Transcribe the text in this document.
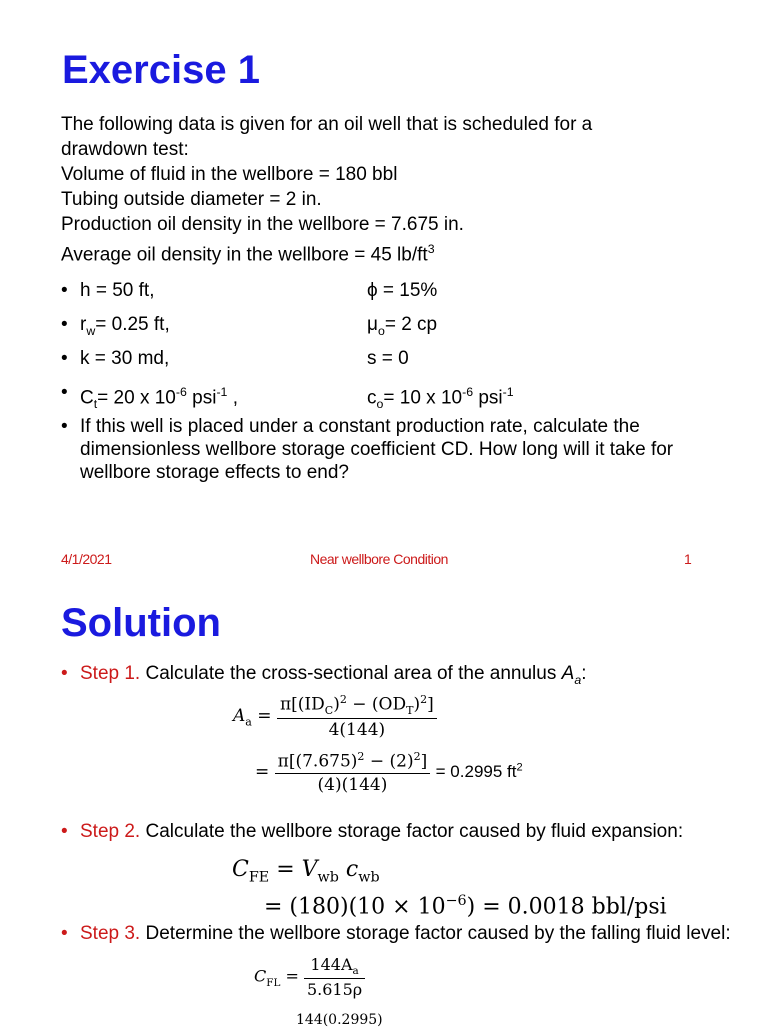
Exercise 1
The following data is given for an oil well that is scheduled for a
drawdown test:
Volume of fluid in the wellbore = 180 bbl
Tubing outside diameter = 2 in.
Production oil density in the wellbore = 7.675 in.
Average oil density in the wellbore = 45 $lb/ft^3$
• h = 50 ft,	ϕ = 15%
• $r_w= 0.25$ ft,	$\mu_o= 2$ cp
• k = 30 md,	s = 0
• $C_t= 20$ x $10^{-6}$ psi$^{-1}$ ,	$c_o= 10$ x $10^{-6}$ psi$^{-1}$
• If this well is placed under a constant production rate, calculate the dimensionless wellbore storage coefficient CD. How long will it take for wellbore storage effects to end?
4/1/2021	Near wellbore Condition	1
Solution
• Step 1. Calculate the cross-sectional area of the annulus $A_a$:
$A_a = \frac{\pi[(ID_C)^2 - (OD_T)^2]}{4(144)}$
= $\frac{\pi[(7.675)^2 - (2)^2]}{(4)(144)} = 0.2995$ $ft^2$
• Step 2. Calculate the wellbore storage factor caused by fluid expansion:
$C_{FE} = V_{wb}$ $c_{wb}$
= $(180)(10 \times 10^{-6}) = 0.0018$ bbl/psi
• Step 3. Determine the wellbore storage factor caused by the falling fluid level:
$C_{FL} = \frac{144A_a}{5.615\rho}$
144(0.2995)
